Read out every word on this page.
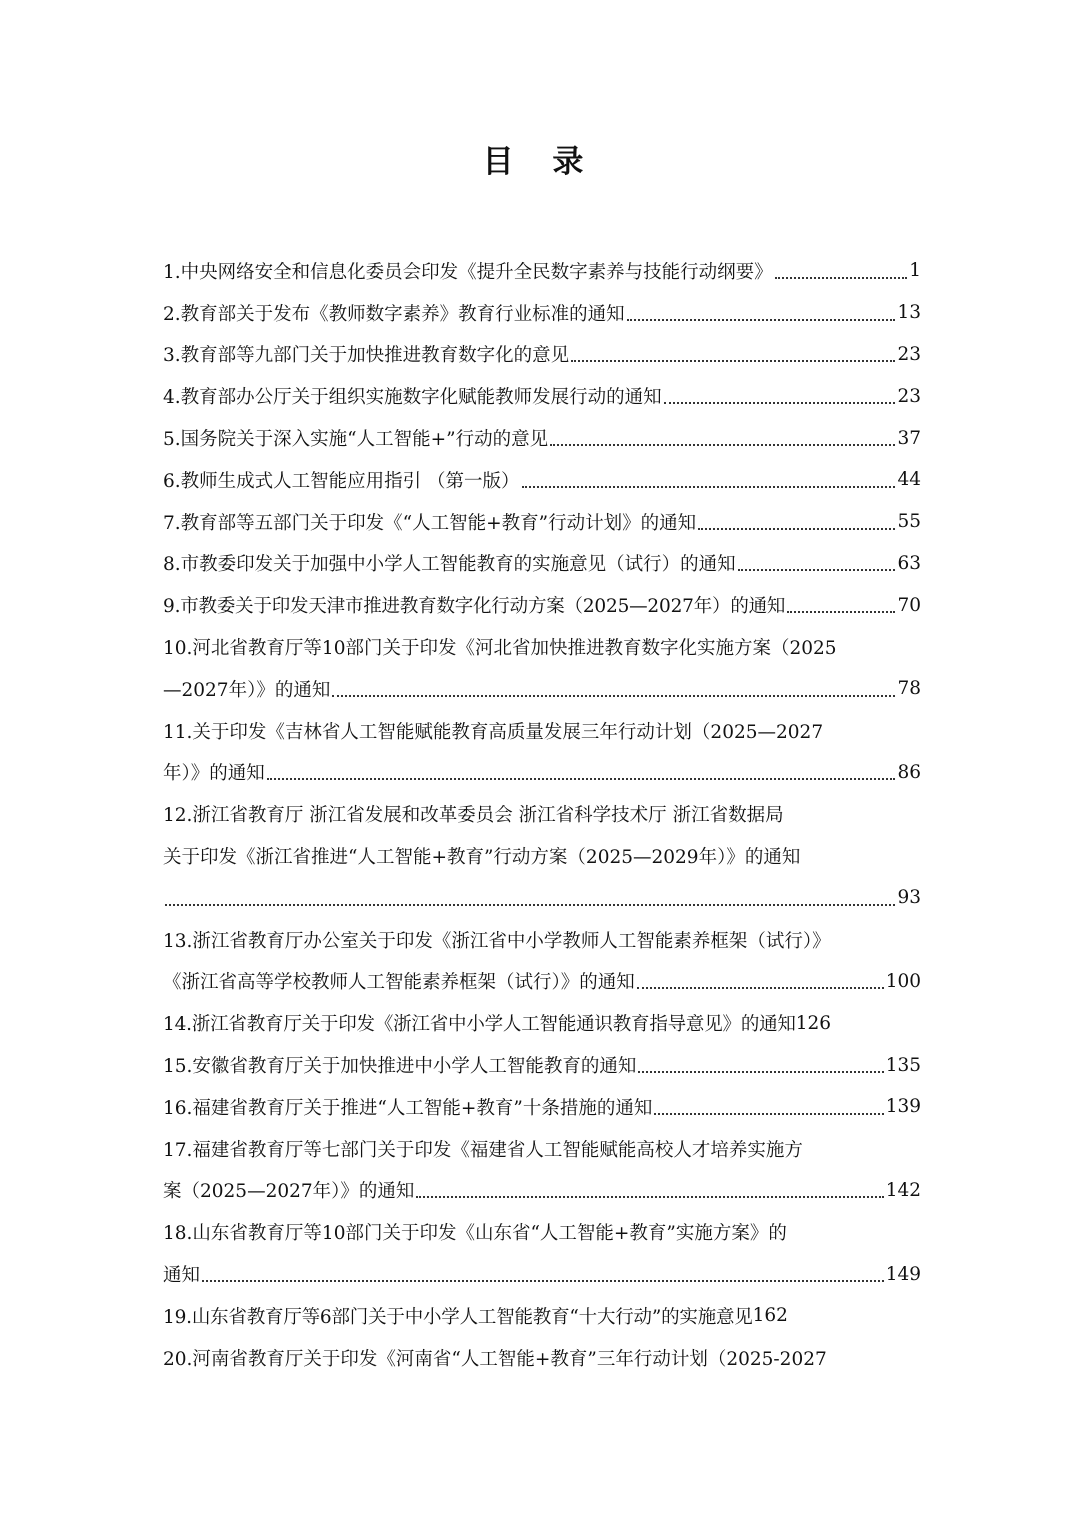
目 录
1.中央网络安全和信息化委员会印发《提升全民数字素养与技能行动纲要》	1
2.教育部关于发布《教师数字素养》教育行业标准的通知	13
3.教育部等九部门关于加快推进教育数字化的意见	23
4.教育部办公厅关于组织实施数字化赋能教师发展行动的通知	23
5.国务院关于深入实施“人工智能+”行动的意见	37
6.教师生成式人工智能应用指引 （第一版）	44
7.教育部等五部门关于印发《“人工智能+教育”行动计划》的通知	55
8.市教委印发关于加强中小学人工智能教育的实施意见（试行）的通知	63
9.市教委关于印发天津市推进教育数字化行动方案（2025—2027年）的通知	70
10.河北省教育厅等10部门关于印发《河北省加快推进教育数字化实施方案（2025
—2027年）》的通知	78
11.关于印发《吉林省人工智能赋能教育高质量发展三年行动计划（2025—2027
年）》的通知	86
12.浙江省教育厅 浙江省发展和改革委员会 浙江省科学技术厅 浙江省数据局
关于印发《浙江省推进“人工智能+教育”行动方案（2025—2029年）》的通知
93
13.浙江省教育厅办公室关于印发《浙江省中小学教师人工智能素养框架（试行）》
《浙江省高等学校教师人工智能素养框架（试行）》的通知	100
14.浙江省教育厅关于印发《浙江省中小学人工智能通识教育指导意见》的通知 126
15.安徽省教育厅关于加快推进中小学人工智能教育的通知	135
16.福建省教育厅关于推进“人工智能+教育”十条措施的通知	139
17.福建省教育厅等七部门关于印发《福建省人工智能赋能高校人才培养实施方
案（2025—2027年）》的通知	142
18.山东省教育厅等10部门关于印发《山东省“人工智能+教育”实施方案》的
通知	149
19.山东省教育厅等6部门关于中小学人工智能教育“十大行动”的实施意见 162
20.河南省教育厅关于印发《河南省“人工智能+教育”三年行动计划（2025-2027
